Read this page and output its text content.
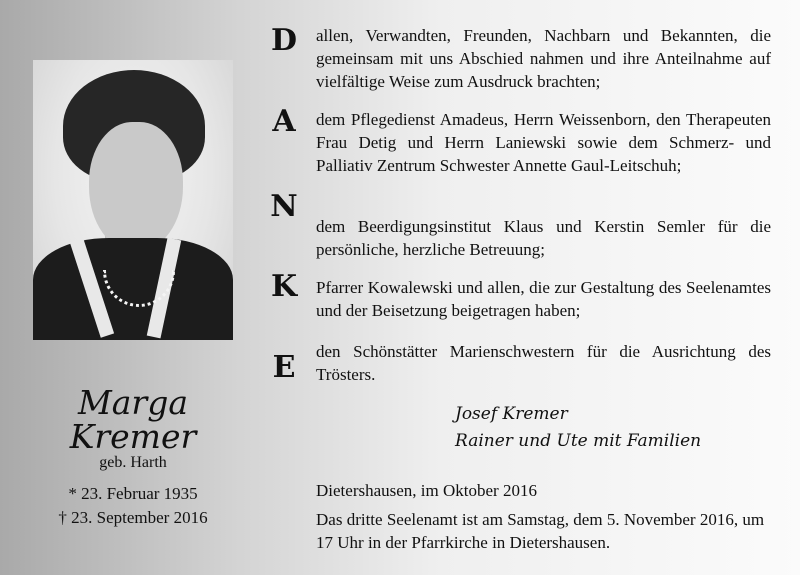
Marga
Kremer
geb. Harth
* 23. Februar 1935
† 23. September 2016
D
A
N
K
E
allen, Verwandten, Freunden, Nachbarn und Bekannten, die gemeinsam mit uns Abschied nahmen und ihre Anteilnahme auf vielfältige Weise zum Ausdruck brachten;
dem Pflegedienst Amadeus, Herrn Weissenborn, den Therapeuten Frau Detig und Herrn Laniewski sowie dem Schmerz- und Palliativ Zentrum Schwester Annette Gaul-Leitschuh;
dem Beerdigungsinstitut Klaus und Kerstin Semler für die persönliche, herzliche Betreuung;
Pfarrer Kowalewski und allen, die zur Gestaltung des Seelenamtes und der Beisetzung beigetragen haben;
den Schönstätter Marienschwestern für die Ausrichtung des Trösters.
Josef Kremer
Rainer und Ute mit Familien
Dietershausen, im Oktober 2016
Das dritte Seelenamt ist am Samstag, dem 5. November 2016, um 17 Uhr in der Pfarrkirche in Dietershausen.
